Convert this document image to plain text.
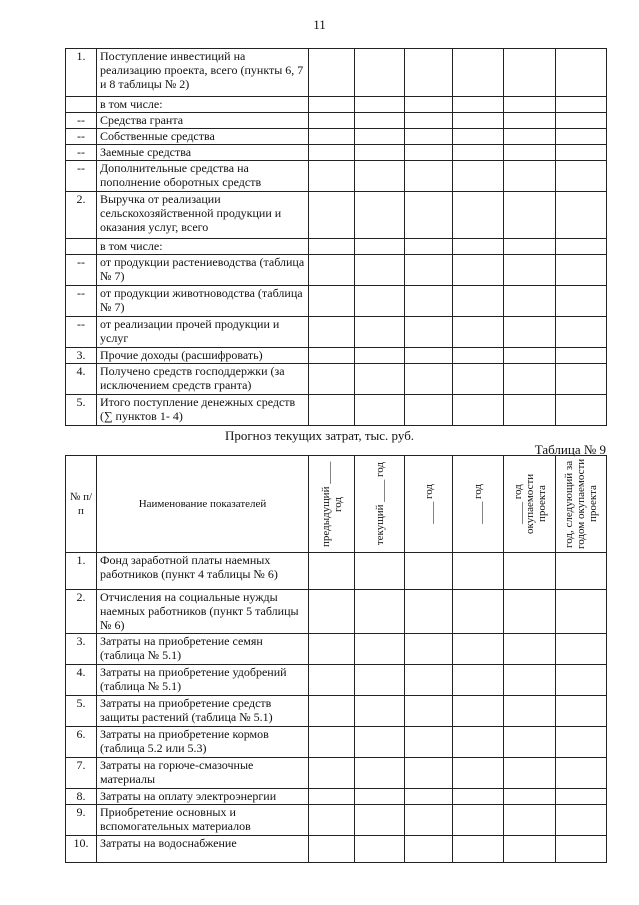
11
1.	Поступление инвестиций на реализацию проекта, всего (пункты 6, 7 и 8 таблицы № 2)						
	в том числе:						
--	Средства гранта						
--	Собственные средства						
--	Заемные средства						
--	Дополнительные средства на пополнение оборотных средств						
2.	Выручка от реализации сельскохозяйственной продукции и оказания услуг, всего						
	в том числе:						
--	от продукции растениеводства (таблица № 7)						
--	от продукции животноводства (таблица № 7)						
--	от реализации прочей продукции и услуг						
3.	Прочие доходы (расшифровать)						
4.	Получено средств господдержки (за исключением средств гранта)						
5.	Итого поступление денежных средств (∑ пунктов 1- 4)						
Прогноз текущих затрат, тыс. руб.
Таблица № 9
№ п/п	Наименование показателей	предыдущий ____ год	текущий ____ год	____ год	____ год	____ год окупаемости проекта	год, следующий за годом окупаемости проекта

1.	Фонд заработной платы наемных работников (пункт 4 таблицы № 6)						
2.	Отчисления на социальные нужды наемных работников (пункт 5 таблицы № 6)						
3.	Затраты на приобретение семян (таблица № 5.1)						
4.	Затраты на приобретение удобрений (таблица № 5.1)						
5.	Затраты на приобретение средств защиты растений (таблица № 5.1)						
6.	Затраты на приобретение кормов (таблица 5.2 или 5.3)						
7.	Затраты на горюче-смазочные материалы						
8.	Затраты на оплату электроэнергии						
9.	Приобретение основных и вспомогательных материалов						
10.	Затраты на водоснабжение						
